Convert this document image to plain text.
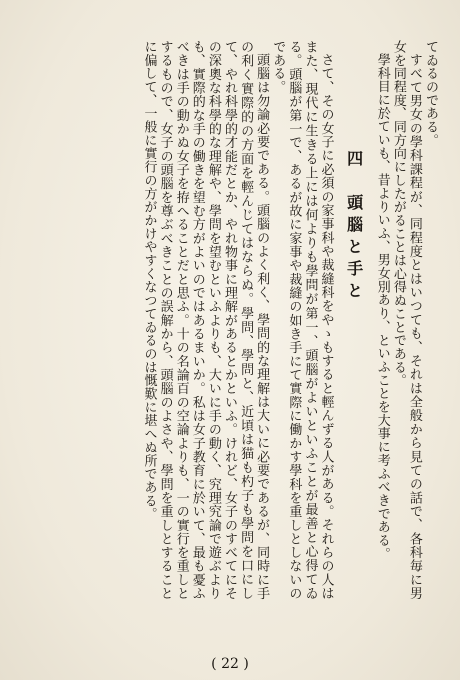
てゐるのである。

すべて男女の學科課程が、同程度とはいつても、それは全般から見ての話で、各科毎に男女を同程度、同方向にしたがることは心得ぬことである。

學科目に於ていも、昔よりいふ、男女別あり、といふことを大事に考ふべきである。

四　頭腦と手と

さて、その女子に必須の家事科や裁縫科をやゝもすると輕んずる人がある。それらの人はまた、現代に生きる上には何よりも學問が第一、頭腦がよいといふことが最善と心得てゐる。頭腦が第一で、あるが故に家事や裁縫の如き手にて實際に働かす學科を重しとしないのである。

頭腦は勿論必要である。頭腦のよく利く、學問的な理解は大いに必要であるが、同時に手の利く實際的の方面を輕んじてはならぬ。學問、學問と、近頃は猫も杓子も學問を口にして、やれ科學的才能だとか、やれ物事に理解があるとかといふ。けれど、女子のすべてにその深奧な科學的な理解や、學問を望むといふよりも、大いに手の動く、究理究論で遊ぶよりも、實際的な手の働きを望む方がよいのではあるまいか。私は女子教育に於いて、最も憂ふべきは手の動かぬ女子を拵へることだと思ふ。十の名論百の空論よりも、一の實行を重しとするもので、女子の頭腦を尊ぶべきことの誤解から、頭腦のよさや、學問を重しとすることに偏して、一般に實行の方がかけやすくなつてゐるのは慨歎に堪へぬ所である。

( 22 )
